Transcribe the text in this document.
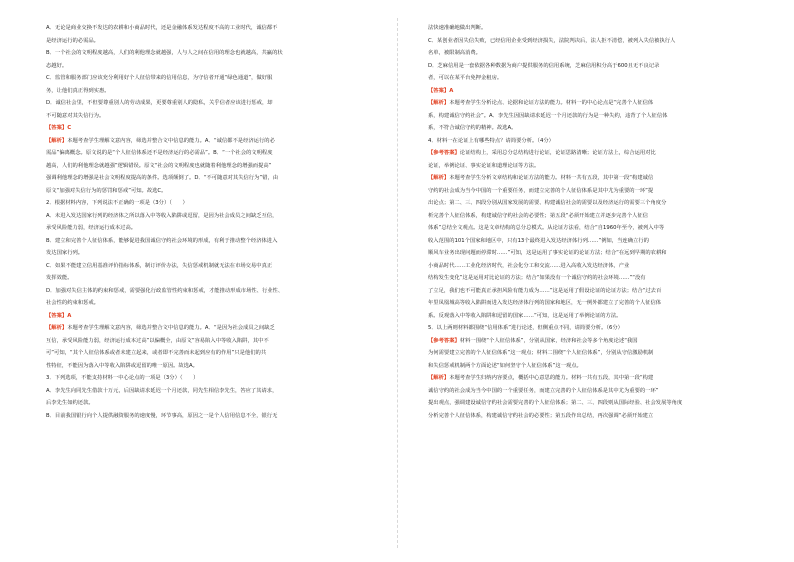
A．无论是商业交换不发达的农耕和小商品时代，还是金融体系发达程度不高的工业时代，诚信都不

是经济运行的必需品。

B．一个社会的文明程度越高，人们的利他理念就越强，人与人之间在信用的理念也就越高，共赢的状

态越好。

C．监管和服务部门应该充分利用好个人征信带来的信用信息，为守信者开通“绿色通道”，做好服

务，让他们真正得到实惠。

D．诚信社会里，不但要尊重别人的劳动成果，更要尊重别人的隐私，关乎信者应该进行惩戒，却

不可随意对其失信行为。

【答案】C

【解析】本题考查学生理解文意内容，筛选并整合文中信息的能力。A．“诚信都不是经济运行的必

需品”偏离概念。原文说的是“个人征信体系还不是经济运行的必需品”。B．“一个社会的文明程度

越高，人们的利他理念就越强”逻辑错误。原文“社会的文明程度也就随着利他理念的增强而提高”

强调利他理念的增强是社会文明程度提高的条件。选项颠倒了。D．“不可随意对其失信行为”错，由

原文“加强对失信行为的惩罚和惩戒”可知。故选C。

2．根据材料内容，下列说法不正确的一项是（3分）（　　）

A．未进入发达国家行列的经济体之所以落入中等收入陷阱或逗留，是因为社会成员之间缺乏互信，

承受风险能力弱，经济运行成本过高。

B．建立和完善个人征信体系，能够促进我国诚信守约社会环境的形成，有利于推动整个经济体进入

发达国家行列。

C．如果不能建立信用基准评价指标体系，制订评价办法，失信惩戒机制就无法在市场交易中真正

发挥效能。

D．加强对失信主体的约束和惩戒，需要强化行政监管性约束和惩戒，才能推动形成市场性、行业性、

社会性的约束和惩戒。

【答案】A

【解析】本题考查学生理解文意内容，筛选并整合文中信息的能力。A．“是因为社会成员之间缺乏

互信，承受风险能力弱，经济运行成本过高”以偏概全，由原文“容易陷入中等收入陷阱，其中不

可”可知，“其个人征信体系或者未建立起来，或者即不完善而未起到应有的作用”只是他们的共

性特征，不能因为落入中等收入陷阱或逗留的唯一原因。故选A。

3．下列选项，不能支持材料一中心论点的一项是（3分）（　　）

A．李先生向同先生借款十万元，后因缺请求延迟一个月还款，同先生相信李先生，答应了其请求，

后李先生如约还款。

B．目前我国银行向个人提供融资服务的速度慢，环节事高，原因之一是个人信用信息不全，银行无

法快速准确地做出判断。

C．某创业者因失信失败，已经信用企业受到经济损失，法院判决后，法人拒不清偿，被列入失信被执行人

名单，被限制高消费。

D．芝麻信用是一套依据各种数据为商户提供服务的信用系统，芝麻信用积分高于600且无不良记录

者，可以在某平台免押金租房。

【答案】A

【解析】本题考查学生分析论点、论据和论证方法的能力。材料一的中心论点是“完善个人征信体

系，构建诚信守约社会”。A．李先生因因缺请求延迟一个月还款的行为是一种失约，违背了个人征信体

系，不符合诚信守约的精神。故选A。

4．材料一在论证上有哪些特点？请简要分析。（4分）

【参考答案】论证结构上，采用总分总结构进行论证，论证思路清晰；论证方法上，综合运用对比

论证，举例论证、事实论证和道理论证等方法。

【解析】本题考查学生分析文章结构和论证方法的能力。材料一共有五段，其中第一段“构建诚信

守约的社会成为当今中国的一个重要任务，而建立完善的个人征信体系是其中尤为重要的一环”提

出论点；第二、三、四段分别从国家发展的需要、构建诚信社会的需要以及经济运行的需要三个角度分

析完善个人征信体系，构建诚信守约社会的必要性；第五段“必须开始建立并逐步完善个人征信

体系”总结全文观点。这是文章结构的总分总模式。从论证方法看，结合“自1960年至今，被列入中等

收入范围的101个国家和地区中，只有13个最终进入发达经济体行列……”例如，当连确立行的

顺风车业务出现问题而停滞时……”可知，这是运用了事实论证的论证方法；结合“在远到早期的农耕和

小商品时代……工业化经济时代，社会化分工和交流……进入高收入发达经济体，产业

结构发生变化”这是运用对比论证的方法；结合“如果没有一个诚信守约的社会环境……”“没有

了立足，我们也不可能真正承担风险有能力成为……”这是运用了假设论证的论证方法；结合“过去百

年里凤凰城高等收入陷阱而进入发达经济体行列的国家和地区，无一例外都建立了完善的个人征信体

系。反观落入中等收入陷阱和逗留的国家……”可知，这是运用了举例论证的方法。

5．以上两则材料都围绕“信用体系”进行论述，但侧重点不同，请简要分析。（6分）

【参考答案】材料一围绕“个人征信体系”，分别从国家，经济和社会等多个角度论述“我国

为何需要建立完善的个人征信体系”这一观点；材料二围绕“个人征信体系”，分别从守信激励机制

和失信惩戒机制两个方面论述“如何坚守个人征信体系”这一观点。

【解析】本题考查学生归纳内容要点，概括中心意思的能力。材料一共有五段，其中第一段“构建

诚信守约的社会成为当今中国的一个重要任务，而建立完善的个人征信体系是其中尤为重要的一环”

提出观点，强调建设诚信守约社会需要完善的个人征信体系；第二、三、四段则从国际经验、社会发展等角度

分析完善个人征信体系，构建诚信守约社会的必要性；第五段作出总结，再次强调“必须开始建立
